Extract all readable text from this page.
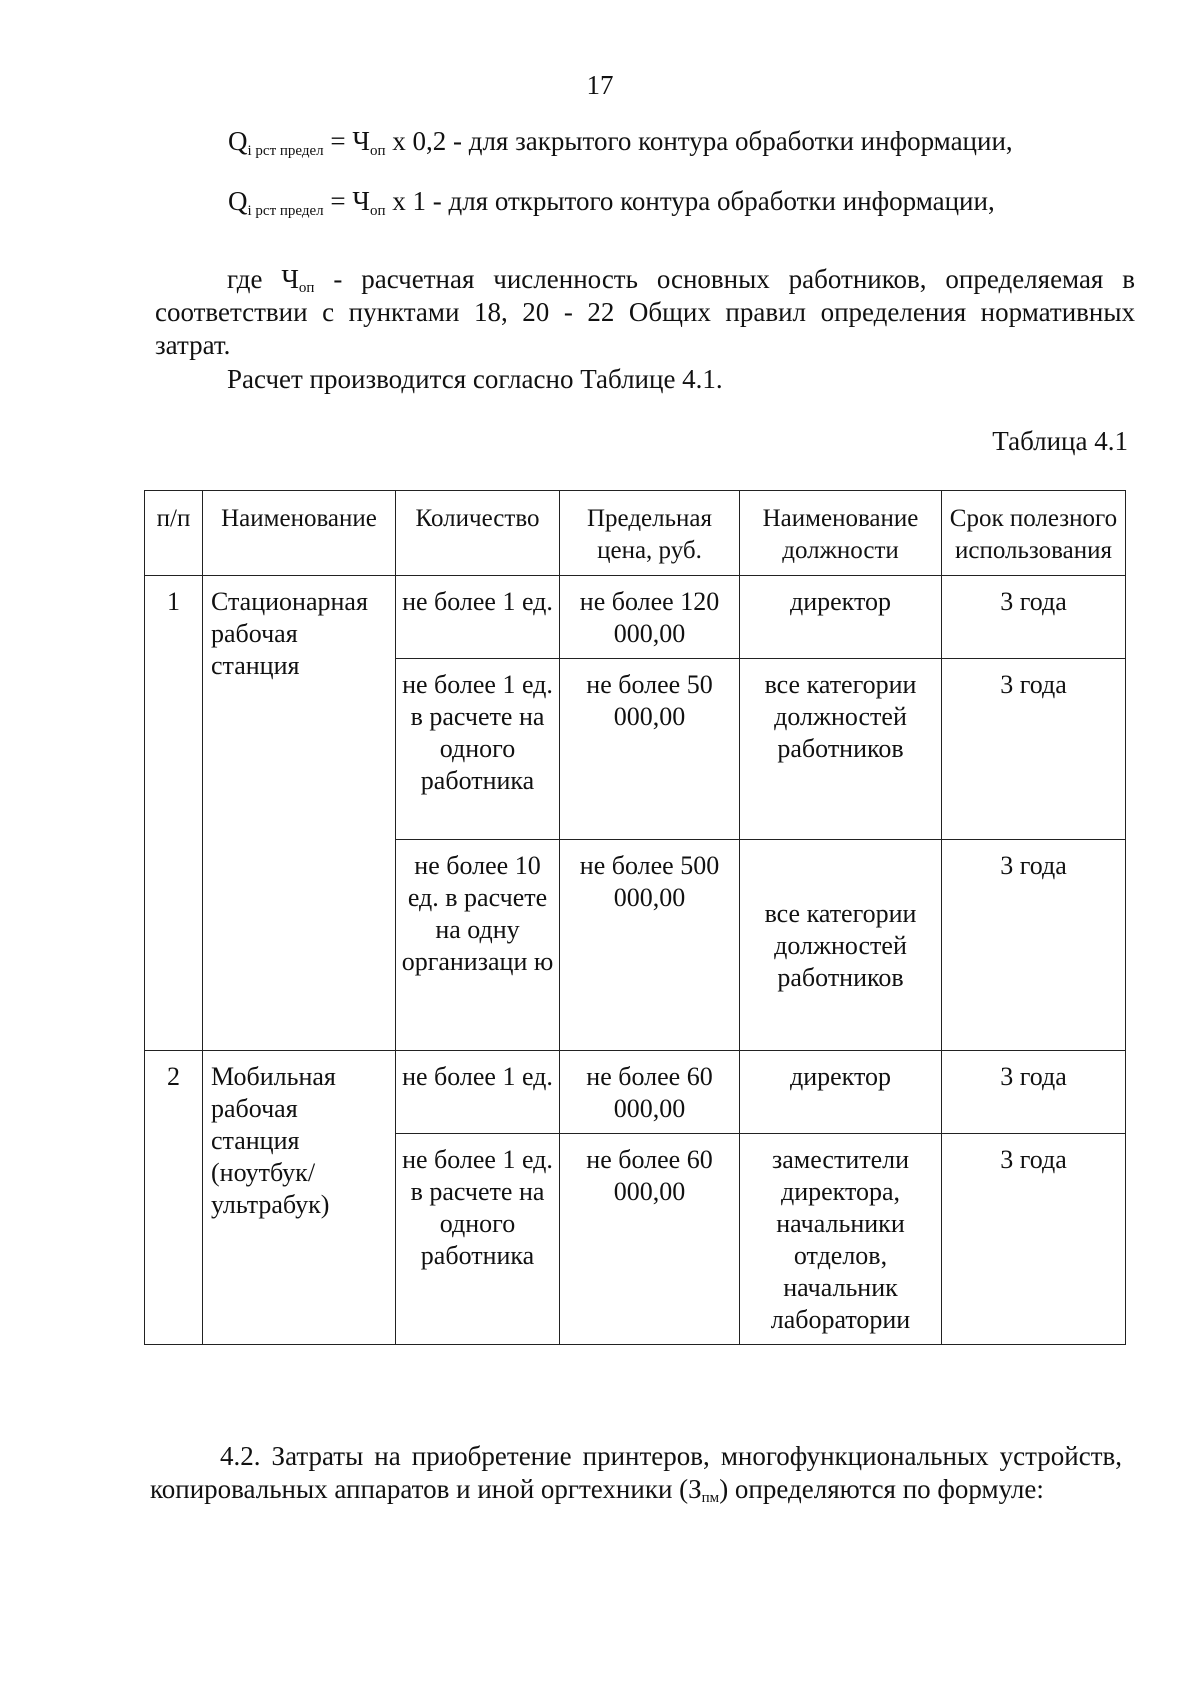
17
$Q_{i рст предел} = Ч_{оп}$ х 0,2 - для закрытого контура обработки информации,
$Q_{i рст предел} = Ч_{оп}$ х 1 - для открытого контура обработки информации,
где $Ч_{оп}$ - расчетная численность основных работников, определяемая в соответствии с пунктами 18, 20 - 22 Общих правил определения нормативных затрат.
Расчет производится согласно Таблице 4.1.
Таблица 4.1
п/п	Наименование	Количество	Предельная цена, руб.	Наименование должности	Срок полезного использования
1	Стационарная рабочая станция	не более 1 ед.	не более 120 000,00	директор	3 года
		не более 1 ед. в расчете на одного работника	не более 50 000,00	все категории должностей работников	3 года
		не более 10 ед. в расчете на одну организаци ю	не более 500 000,00	все категории должностей работников	3 года
2	Мобильная рабочая станция (ноутбук/ ультрабук)	не более 1 ед.	не более 60 000,00	директор	3 года
		не более 1 ед. в расчете на одного работника	не более 60 000,00	заместители директора, начальники отделов, начальник лаборатории	3 года
4.2. Затраты на приобретение принтеров, многофункциональных устройств, копировальных аппаратов и иной оргтехники $(З_{пм})$ определяются по формуле:
